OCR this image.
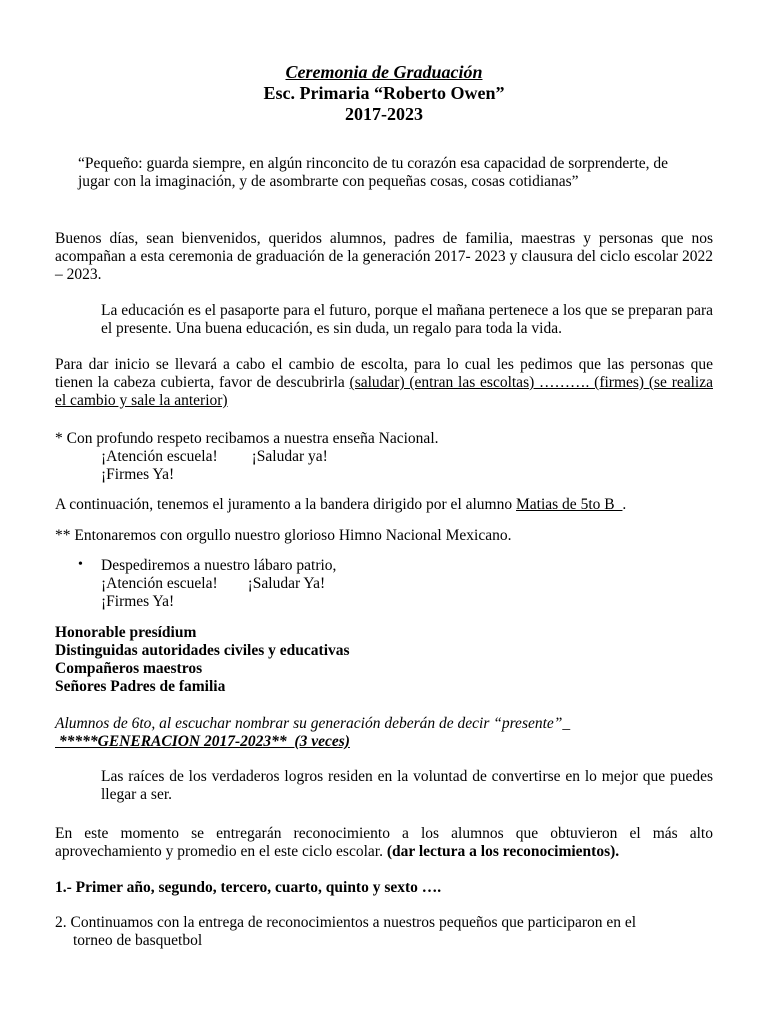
Ceremonia de Graduación
Esc. Primaria “Roberto Owen”
2017-2023

“Pequeño: guarda siempre, en algún rinconcito de tu corazón esa capacidad de sorprenderte, de jugar con la imaginación, y de asombrarte con pequeñas cosas, cosas cotidianas”

Buenos días, sean bienvenidos, queridos alumnos, padres de familia, maestras y personas que nos acompañan a esta ceremonia de graduación de la generación 2017- 2023 y clausura del ciclo escolar 2022 – 2023.

La educación es el pasaporte para el futuro, porque el mañana pertenece a los que se preparan para el presente. Una buena educación, es sin duda, un regalo para toda la vida.

Para dar inicio se llevará a cabo el cambio de escolta, para lo cual les pedimos que las personas que tienen la cabeza cubierta, favor de descubrirla (saludar) (entran las escoltas) ………. (firmes) (se realiza el cambio y sale la anterior)

* Con profundo respeto recibamos a nuestra enseña Nacional.

¡Atención escuela! ¡Saludar ya!

¡Firmes Ya!

A continuación, tenemos el juramento a la bandera dirigido por el alumno Matias de 5to B_.

** Entonaremos con orgullo nuestro glorioso Himno Nacional Mexicano.

• Despediremos a nuestro lábaro patrio,

¡Atención escuela! ¡Saludar Ya!

¡Firmes Ya!

Honorable presídium
Distinguidas autoridades civiles y educativas
Compañeros maestros
Señores Padres de familia

Alumnos de 6to, al escuchar nombrar su generación deberán de decir “presente”_

*****GENERACION 2017-2023**  (3 veces)

Las raíces de los verdaderos logros residen en la voluntad de convertirse en lo mejor que puedes llegar a ser.

En este momento se entregarán reconocimiento a los alumnos que obtuvieron el más alto aprovechamiento y promedio en el este ciclo escolar. (dar lectura a los reconocimientos).

1.- Primer año, segundo, tercero, cuarto, quinto y sexto ….

2. Continuamos con la entrega de reconocimientos a nuestros pequeños que participaron en el

torneo de basquetbol
